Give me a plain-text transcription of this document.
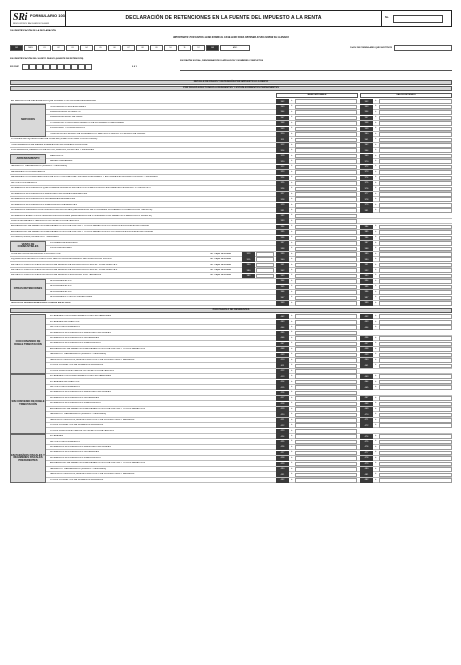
SRi FORMULARIO 103
RESOLUCIÓN N° NAC-DGERCGC10-00693
DECLARACIÓN DE RETENCIONES EN LA FUENTE DEL IMPUESTO A LA RENTA	No.
100 IDENTIFICACIÓN DE LA DECLARACIÓN
IMPORTANTE: POR FAVOR LLENE SOBRE EL CASILLERO PARA OBTENER AYUDA SOBRE SU LLENADO
102	MES	01	02	03	04	05	06	07	08	09	10	11	12	103	AÑO	104 N° DE FORMULARIO QUE SUSTITUYE
200 IDENTIFICACIÓN DEL SUJETO PASIVO (AGENTE DE RETENCIÓN)
201 RUC	0 0 1
202 RAZÓN SOCIAL, DENOMINACIÓN O APELLIDOS Y NOMBRES COMPLETOS
DETALLE DE PAGOS Y RETENCIÓN POR IMPUESTO A LA RENTA
POR PAGOS EFECTUADOS A RESIDENTES Y ESTABLECIMIENTOS PERMANENTES
BASE IMPONIBLE	VALOR RETENIDO
EN RELACIÓN DE DEPENDENCIA QUE SUPERA O NO LA BASE DESGRAVADA	302	+	352	+
HONORARIOS PROFESIONALES	303	+	353	+
PREDOMINA EL INTELECTO	304	+	354	+
PREDOMINA MANO DE OBRA	307	+	357	+
UTILIZACIÓN O APROVECHAMIENTO DE LA IMAGEN O RENOMBRE	308	+	358	+
PUBLICIDAD Y COMUNICACIÓN	309	+	359	+
TRANSPORTE PRIVADO DE PASAJEROS O SERVICIO PÚBLICO O PRIVADO DE CARGA	310	+	360	+
A TRAVÉS DE LIQUIDACIONES DE COMPRA (NIVEL CULTURAL O RUSTICIDAD)	311	+	361	+
TRANSFERENCIA DE BIENES MUEBLES DE NATURALEZA CORPORAL	312	+	362	+
POR REGALÍAS, DERECHOS DE AUTOR, MARCAS, PATENTES Y SIMILARES	314	+	364	+
MERCANTIL	319	+	369	+
BIENES INMUEBLES	320	+	370	+
SEGUROS Y REASEGUROS (PRIMAS Y CESIONES)	322	+	372	+
RENDIMIENTOS FINANCIEROS	323	+	373	+
RENDIMIENTOS FINANCIEROS ENTRE INSTITUCIONES DEL SISTEMA FINANCIERO Y ENTIDADES ECONOMÍA POPULAR Y SOLIDARIA	324	+	374	+
ANTICIPO DIVIDENDOS	325	+	375	+
DIVIDENDOS DISTRIBUIDOS QUE CORRESPONDAN AL IMPUESTO A LA RENTA ÚNICO ESTABLECIDO EN EL ART. 27 DE LA LRTI	326	+	376	+
DIVIDENDOS DISTRIBUIDOS A PERSONAS NATURALES RESIDENTES	327	+	377	+
DIVIDENDOS DISTRIBUIDOS A SOCIEDADES RESIDENTES	328	+	378	+
DIVIDENDOS DISTRIBUIDOS A FIDEICOMISOS RESIDENTES	329	+	379	+
DIVIDENDOS GRAVADOS DISTRIBUIDOS EN ACCIONES (REINVERSIÓN DE UTILIDADES SIN DERECHO A REDUCCIÓN TARIFA IR)	331	+	381	+
DIVIDENDOS EXENTOS DISTRIBUIDOS EN ACCIONES (REINVERSIÓN DE UTILIDADES CON DERECHO A REDUCCIÓN TARIFA IR)	332	+
PAGOS DE BIENES O SERVICIOS NO SUJETOS A RETENCIÓN	333	+
ENAJENACIÓN DE DERECHOS REPRESENTATIVOS DE CAPITAL Y OTROS DERECHOS COTIZADOS EN BOLSA ECUATORIANA	334	+	384	+
ENAJENACIÓN DE DERECHOS REPRESENTATIVOS DE CAPITAL Y OTROS DERECHOS NO COTIZADOS EN BOLSA ECUATORIANA	335	+	385	+
LOTERÍAS, RIFAS, APUESTAS Y SIMILARES	336	+	386	+
A COMERCIALIZADORAS	337	+	387	+
A DISTRIBUIDORES	338	+	388	+
COMPRA LOCAL DE BANANO A PRODUCTOR	No. Cajas facturadas	313	339	+	389	+
LIQUIDACIÓN IMPUESTO ÚNICO A LA VENTA LOCAL DE BANANO DE PRODUCCIÓN PROPIA	No. Cajas facturadas	315	340	+	390	+
IMPUESTO ÚNICO A LA EXPORTACIÓN DE BANANO DE PRODUCCIÓN PROPIA - COMPONENTE 1	No. Cajas facturadas	330	341	+	391	+
IMPUESTO ÚNICO A LA EXPORTACIÓN DE BANANO DE PRODUCCIÓN PROPIA - COMPONENTE 2	No. Cajas facturadas	380	342	+	392	+
IMPUESTO ÚNICO A LA EXPORTACIÓN DE BANANO PRODUCIDO POR TERCEROS	No. Cajas facturadas	383	343	+	393	+
APLICABLES EL 1%	344	+	394	+
APLICABLES EL 2%	345	+	395	+
APLICABLES EL 8%	346	+	396	+
APLICABLES A OTROS PORCENTAJES	347	+	397	+
SUBTOTAL OPERACIONES EFECTUADAS EN EL PAÍS	349	+	399	+
SERVICIOS
ARRENDAMIENTO
VENTA DE COMBUSTIBLES
OTRAS RETENCIONES
POR PAGOS A NO RESIDENTES
INTERESES POR FINANCIAMIENTO DE PROVEEDORES	402	+	452	+
INTERESES DE CRÉDITOS	403	+	453	+
ANTICIPO DE DIVIDENDOS	404	+	454	+
DIVIDENDOS DISTRIBUIDOS A PERSONAS NATURALES	405	+
DIVIDENDOS DISTRIBUIDOS A SOCIEDADES	406	+	456	+
DIVIDENDOS DISTRIBUIDOS A FIDEICOMISOS	407	+	457	+
ENAJENACIÓN DE DERECHOS REPRESENTATIVOS DE CAPITAL Y OTROS DERECHOS	408	+	458	+
SEGUROS Y REASEGUROS (PRIMAS Y CESIONES)	409	+	459	+
SERVICIOS TÉCNICOS, ADMINISTRATIVOS O DE CONSULTORÍA Y REGALÍAS	410	+	460	+
OTROS CONCEPTOS DE INGRESOS GRAVADOS	411	+	461	+
OTROS PAGOS AL EXTERIOR NO SUJETOS A RETENCIÓN	412	+
INTERESES POR FINANCIAMIENTO DE PROVEEDORES	413	+	463	+
INTERESES DE CRÉDITOS	414	+	464	+
ANTICIPO DE DIVIDENDOS	415	+	465	+
DIVIDENDOS DISTRIBUIDOS A PERSONAS NATURALES	416	+
DIVIDENDOS DISTRIBUIDOS A SOCIEDADES	417	+	467	+
DIVIDENDOS DISTRIBUIDOS A FIDEICOMISOS	418	+	468	+
ENAJENACIÓN DE DERECHOS REPRESENTATIVOS DE CAPITAL Y OTROS DERECHOS	419	+	469	+
SEGUROS Y REASEGUROS (PRIMAS Y CESIONES)	420	+	470	+
SERVICIOS TÉCNICOS, ADMINISTRATIVOS O DE CONSULTORÍA Y REGALÍAS	421	+	471	+
OTROS CONCEPTOS DE INGRESOS GRAVADOS	422	+	472	+
OTROS PAGOS AL EXTERIOR NO SUJETOS A RETENCIÓN	423	+
INTERESES	424	+	474	+
ANTICIPO DE DIVIDENDOS	425	+	475	+
DIVIDENDOS DISTRIBUIDOS A PERSONAS NATURALES	426	+	476	+
DIVIDENDOS DISTRIBUIDOS A SOCIEDADES	427	+	477	+
DIVIDENDOS DISTRIBUIDOS A FIDEICOMISOS	428	+	478	+
ENAJENACIÓN DE DERECHOS REPRESENTATIVOS DE CAPITAL Y OTROS DERECHOS	429	+	479	+
SEGUROS Y REASEGUROS (PRIMAS Y CESIONES)	430	+	480	+
SERVICIOS TÉCNICOS, ADMINISTRATIVOS O DE CONSULTORÍA Y REGALÍAS	431	+	481	+
OTROS CONCEPTOS DE INGRESOS GRAVADOS	432	+	482	+
CON CONVENIO DE DOBLE TRIBUTACIÓN
SIN CONVENIO DE DOBLE TRIBUTACIÓN
EN PARAÍSOS FISCALES Y REGÍMENES FISCALES PREFERENTES
